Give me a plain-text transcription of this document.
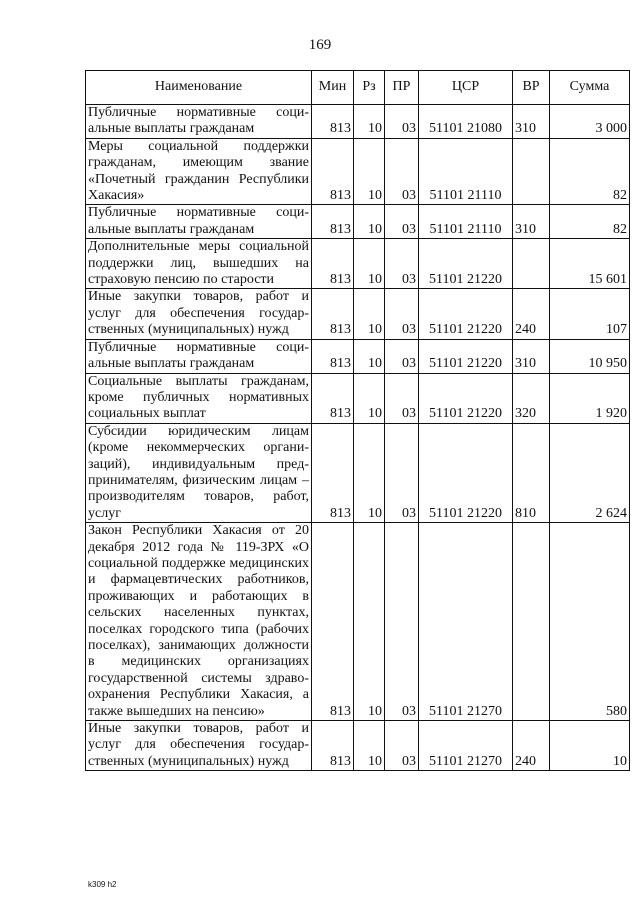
169
Наименование	Мин	Рз	ПР	ЦСР	ВР	Сумма
Публичные нормативные социальные выплаты гражданам	813	10	03	51101 21080	310	3 000
Меры социальной поддержки гражданам, имеющим звание «Почетный гражданин Республики Хакасия»	813	10	03	51101 21110		82
Публичные нормативные социальные выплаты гражданам	813	10	03	51101 21110	310	82
Дополнительные меры социальной поддержки лиц, вышедших на страховую пенсию по старости	813	10	03	51101 21220		15 601
Иные закупки товаров, работ и услуг для обеспечения государственных (муниципальных) нужд	813	10	03	51101 21220	240	107
Публичные нормативные социальные выплаты гражданам	813	10	03	51101 21220	310	10 950
Социальные выплаты гражданам, кроме публичных нормативных социальных выплат	813	10	03	51101 21220	320	1 920
Субсидии юридическим лицам (кроме некоммерческих организаций), индивидуальным предпринимателям, физическим лицам – производителям товаров, работ, услуг	813	10	03	51101 21220	810	2 624
Закон Республики Хакасия от 20 декабря 2012 года № 119-ЗРХ «О социальной поддержке медицинских и фармацевтических работников, проживающих и работающих в сельских населенных пунктах, поселках городского типа (рабочих поселках), занимающих должности в медицинских организациях государственной системы здравоохранения Республики Хакасия, а также вышедших на пенсию»	813	10	03	51101 21270		580
Иные закупки товаров, работ и услуг для обеспечения государственных (муниципальных) нужд	813	10	03	51101 21270	240	10
k309 h2
